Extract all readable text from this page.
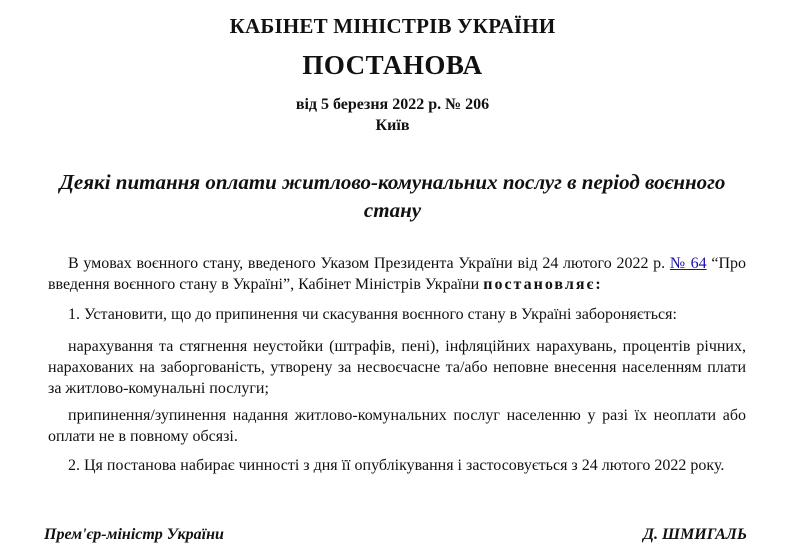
КАБІНЕТ МІНІСТРІВ УКРАЇНИ
ПОСТАНОВА
від 5 березня 2022 р. № 206
Київ
Деякі питання оплати житлово-комунальних послуг в період воєнного стану

В умовах воєнного стану, введеного Указом Президента України від 24 лютого 2022 р. № 64 “Про введення воєнного стану в Україні”, Кабінет Міністрів України постановляє:

1. Установити, що до припинення чи скасування воєнного стану в Україні забороняється:

нарахування та стягнення неустойки (штрафів, пені), інфляційних нарахувань, процентів річних, нарахованих на заборгованість, утворену за несвоєчасне та/або неповне внесення населенням плати за житлово-комунальні послуги;

припинення/зупинення надання житлово-комунальних послуг населенню у разі їх неоплати або оплати не в повному обсязі.

2. Ця постанова набирає чинності з дня її опублікування і застосовується з 24 лютого 2022 року.

Прем'єр-міністр України	Д. ШМИГАЛЬ
